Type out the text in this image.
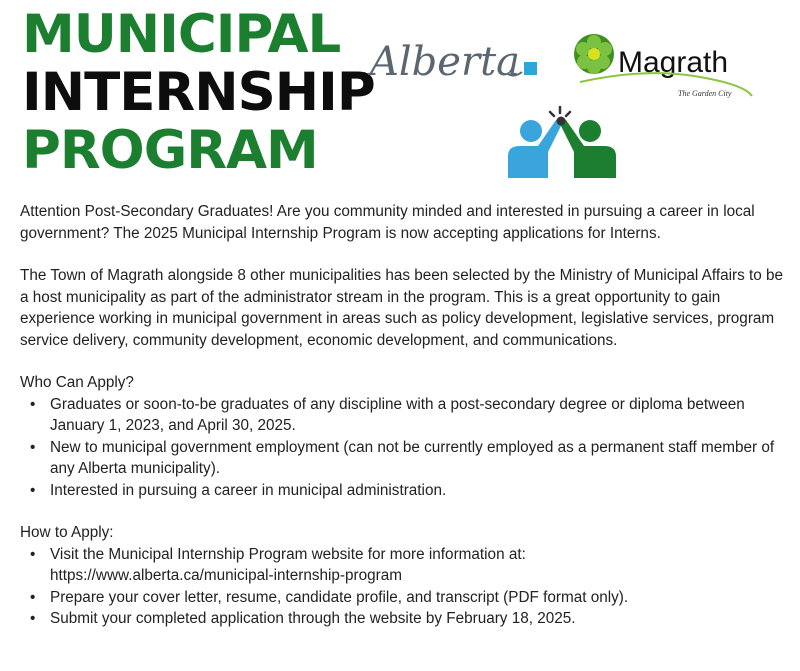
MUNICIPAL
INTERNSHIP
PROGRAM
Alberta	Magrath
The Garden City

Attention Post-Secondary Graduates! Are you community minded and interested in pursuing a career in local government? The 2025 Municipal Internship Program is now accepting applications for Interns.

The Town of Magrath alongside 8 other municipalities has been selected by the Ministry of Municipal Affairs to be a host municipality as part of the administrator stream in the program. This is a great opportunity to gain experience working in municipal government in areas such as policy development, legislative services, program service delivery, community development, economic development, and communications.

Who Can Apply?

• Graduates or soon-to-be graduates of any discipline with a post-secondary degree or diploma between January 1, 2023, and April 30, 2025.
• New to municipal government employment (can not be currently employed as a permanent staff member of any Alberta municipality).
• Interested in pursuing a career in municipal administration.

How to Apply:

• Visit the Municipal Internship Program website for more information at:
https://www.alberta.ca/municipal-internship-program
• Prepare your cover letter, resume, candidate profile, and transcript (PDF format only).
• Submit your completed application through the website by February 18, 2025.
